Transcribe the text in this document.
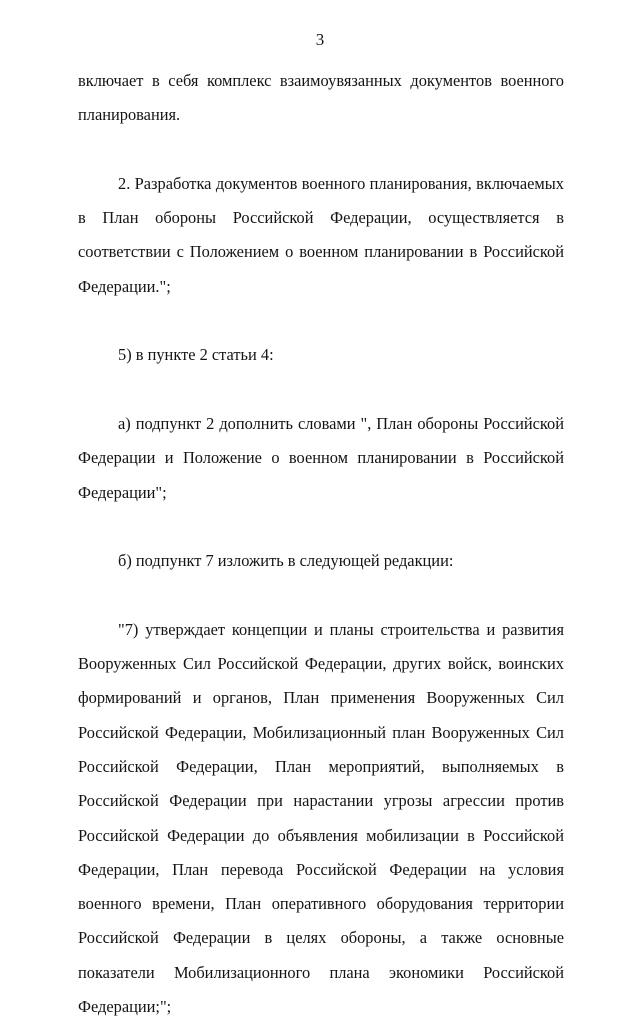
3

включает в себя комплекс взаимоувязанных документов военного планирования.

2. Разработка документов военного планирования, включаемых в План обороны Российской Федерации, осуществляется в соответствии с Положением о военном планировании в Российской Федерации.";

5) в пункте 2 статьи 4:

а) подпункт 2 дополнить словами ", План обороны Российской Федерации и Положение о военном планировании в Российской Федерации";

б) подпункт 7 изложить в следующей редакции:

"7) утверждает концепции и планы строительства и развития Вооруженных Сил Российской Федерации, других войск, воинских формирований и органов, План применения Вооруженных Сил Российской Федерации, Мобилизационный план Вооруженных Сил Российской Федерации, План мероприятий, выполняемых в Российской Федерации при нарастании угрозы агрессии против Российской Федерации до объявления мобилизации в Российской Федерации, План перевода Российской Федерации на условия военного времени, План оперативного оборудования территории Российской Федерации в целях обороны, а также основные показатели Мобилизационного плана экономики Российской Федерации;";
